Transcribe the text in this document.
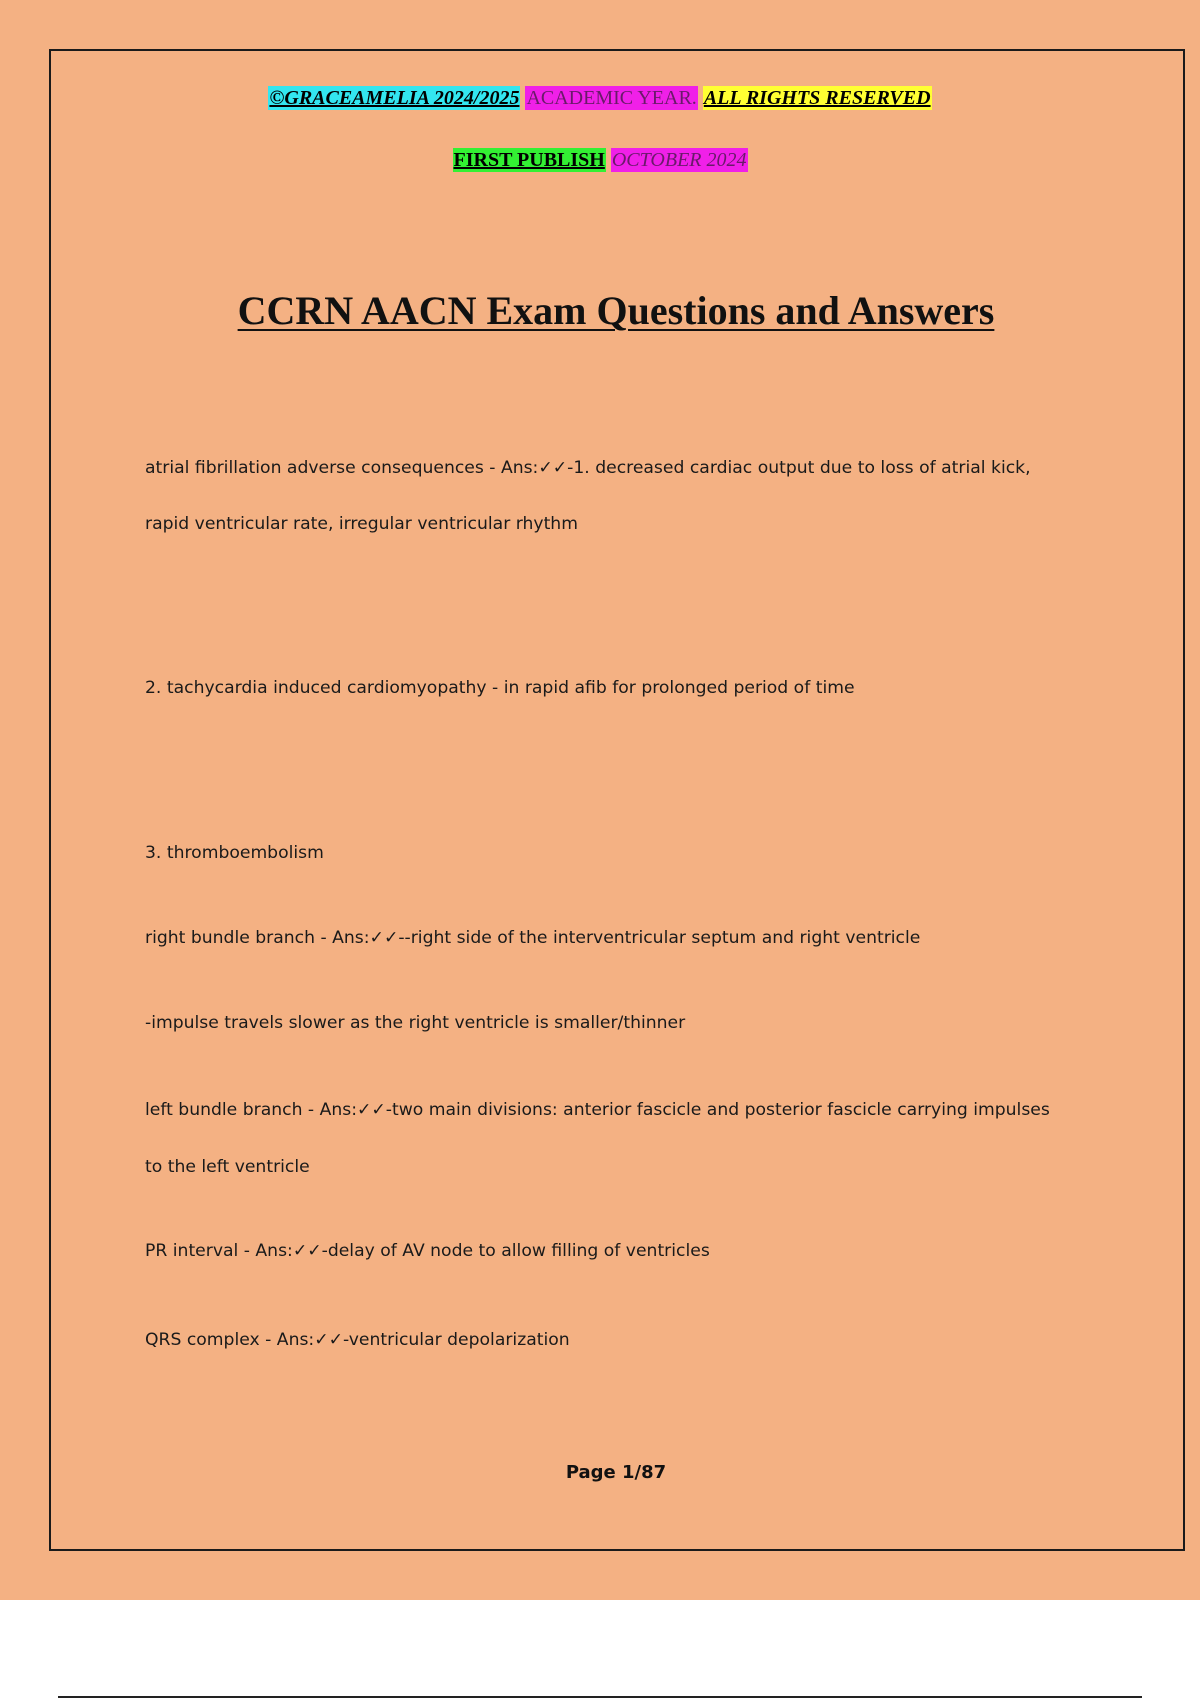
©GRACEAMELIA 2024/2025 ACADEMIC YEAR. ALL RIGHTS RESERVED
FIRST PUBLISH OCTOBER 2024
CCRN AACN Exam Questions and Answers
atrial fibrillation adverse consequences - Ans:✓✓-1. decreased cardiac output due to loss of atrial kick,
rapid ventricular rate, irregular ventricular rhythm
2. tachycardia induced cardiomyopathy - in rapid afib for prolonged period of time
3. thromboembolism
right bundle branch - Ans:✓✓--right side of the interventricular septum and right ventricle
-impulse travels slower as the right ventricle is smaller/thinner
left bundle branch - Ans:✓✓-two main divisions: anterior fascicle and posterior fascicle carrying impulses
to the left ventricle
PR interval - Ans:✓✓-delay of AV node to allow filling of ventricles
QRS complex - Ans:✓✓-ventricular depolarization
Page 1/87
